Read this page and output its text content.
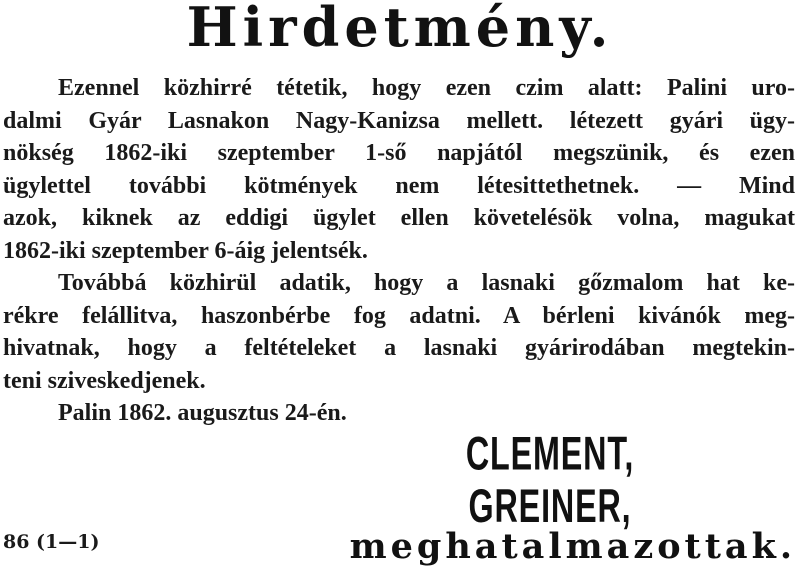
Hirdetmény.
Ezennel közhirré tétetik, hogy ezen czim alatt: Palini uro-
dalmi Gyár Lasnakon Nagy-Kanizsa mellett. létezett gyári ügy-
nökség 1862-iki szeptember 1-ső napjától megszünik, és ezen
ügylettel további kötmények nem létesittethetnek. — Mind
azok, kiknek az eddigi ügylet ellen követelésök volna, magukat
1862-iki szeptember 6-áig jelentsék.
Továbbá közhirül adatik, hogy a lasnaki gőzmalom hat ke-
rékre felállitva, haszonbérbe fog adatni. A bérleni kivánók meg-
hivatnak, hogy a feltételeket a lasnaki gyárirodában megtekin-
teni sziveskedjenek.
Palin 1862. augusztus 24-én.
CLEMENT,
GREINER,
meghatalmazottak.
86 (1—1)
